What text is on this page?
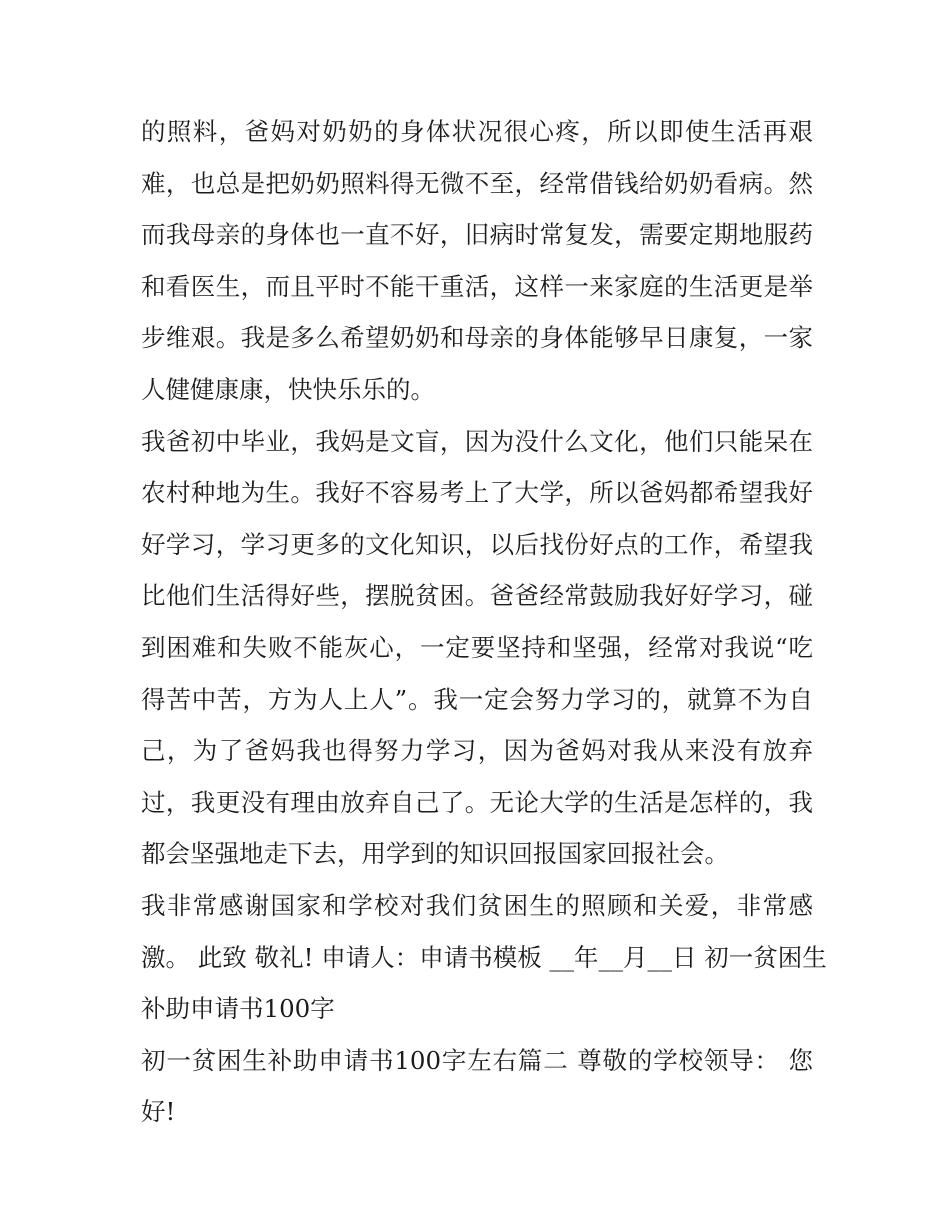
的照料，爸妈对奶奶的身体状况很心疼，所以即使生活再艰
难，也总是把奶奶照料得无微不至，经常借钱给奶奶看病。然
而我母亲的身体也一直不好，旧病时常复发，需要定期地服药
和看医生，而且平时不能干重活，这样一来家庭的生活更是举
步维艰。我是多么希望奶奶和母亲的身体能够早日康复，一家
人健健康康，快快乐乐的。
我爸初中毕业，我妈是文盲，因为没什么文化，他们只能呆在
农村种地为生。我好不容易考上了大学，所以爸妈都希望我好
好学习，学习更多的文化知识，以后找份好点的工作，希望我
比他们生活得好些，摆脱贫困。爸爸经常鼓励我好好学习，碰
到困难和失败不能灰心，一定要坚持和坚强，经常对我说“吃
得苦中苦，方为人上人”。我一定会努力学习的，就算不为自
己，为了爸妈我也得努力学习，因为爸妈对我从来没有放弃
过，我更没有理由放弃自己了。无论大学的生活是怎样的，我
都会坚强地走下去，用学到的知识回报国家回报社会。
我非常感谢国家和学校对我们贫困生的照顾和关爱，非常感
激。 此致 敬礼! 申请人：申请书模板 __年__月__日 初一贫困生
补助申请书100字
初一贫困生补助申请书100字左右篇二 尊敬的学校领导： 您
好!
